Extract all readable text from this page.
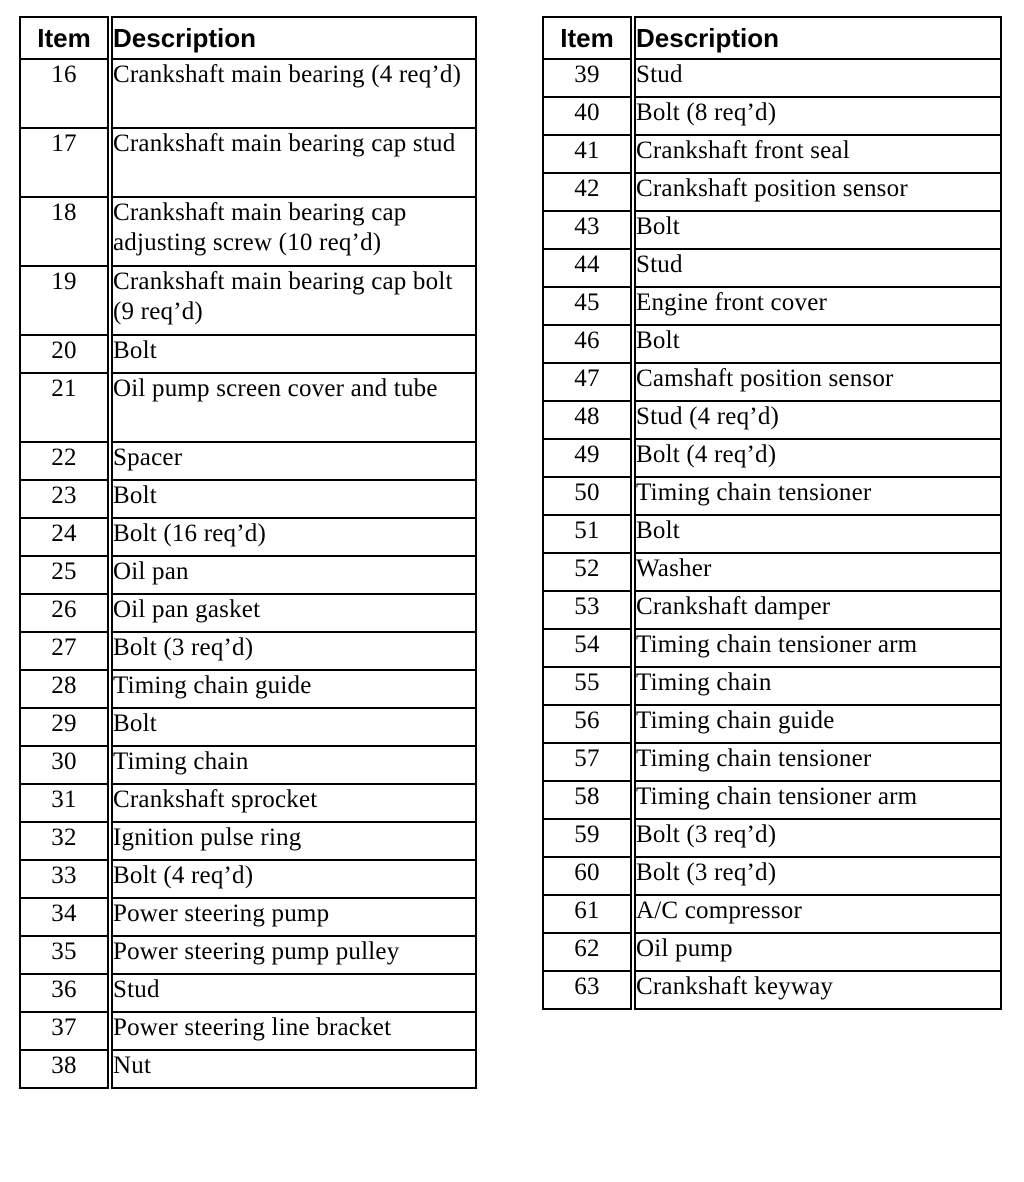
Item	Description
16	Crankshaft main bearing (4 req’d)
17	Crankshaft main bearing cap stud
18	Crankshaft main bearing cap adjusting screw (10 req’d)
19	Crankshaft main bearing cap bolt (9 req’d)
20	Bolt
21	Oil pump screen cover and tube
22	Spacer
23	Bolt
24	Bolt (16 req’d)
25	Oil pan
26	Oil pan gasket
27	Bolt (3 req’d)
28	Timing chain guide
29	Bolt
30	Timing chain
31	Crankshaft sprocket
32	Ignition pulse ring
33	Bolt (4 req’d)
34	Power steering pump
35	Power steering pump pulley
36	Stud
37	Power steering line bracket
38	Nut
Item	Description
39	Stud
40	Bolt (8 req’d)
41	Crankshaft front seal
42	Crankshaft position sensor
43	Bolt
44	Stud
45	Engine front cover
46	Bolt
47	Camshaft position sensor
48	Stud (4 req’d)
49	Bolt (4 req’d)
50	Timing chain tensioner
51	Bolt
52	Washer
53	Crankshaft damper
54	Timing chain tensioner arm
55	Timing chain
56	Timing chain guide
57	Timing chain tensioner
58	Timing chain tensioner arm
59	Bolt (3 req’d)
60	Bolt (3 req’d)
61	A/C compressor
62	Oil pump
63	Crankshaft keyway
